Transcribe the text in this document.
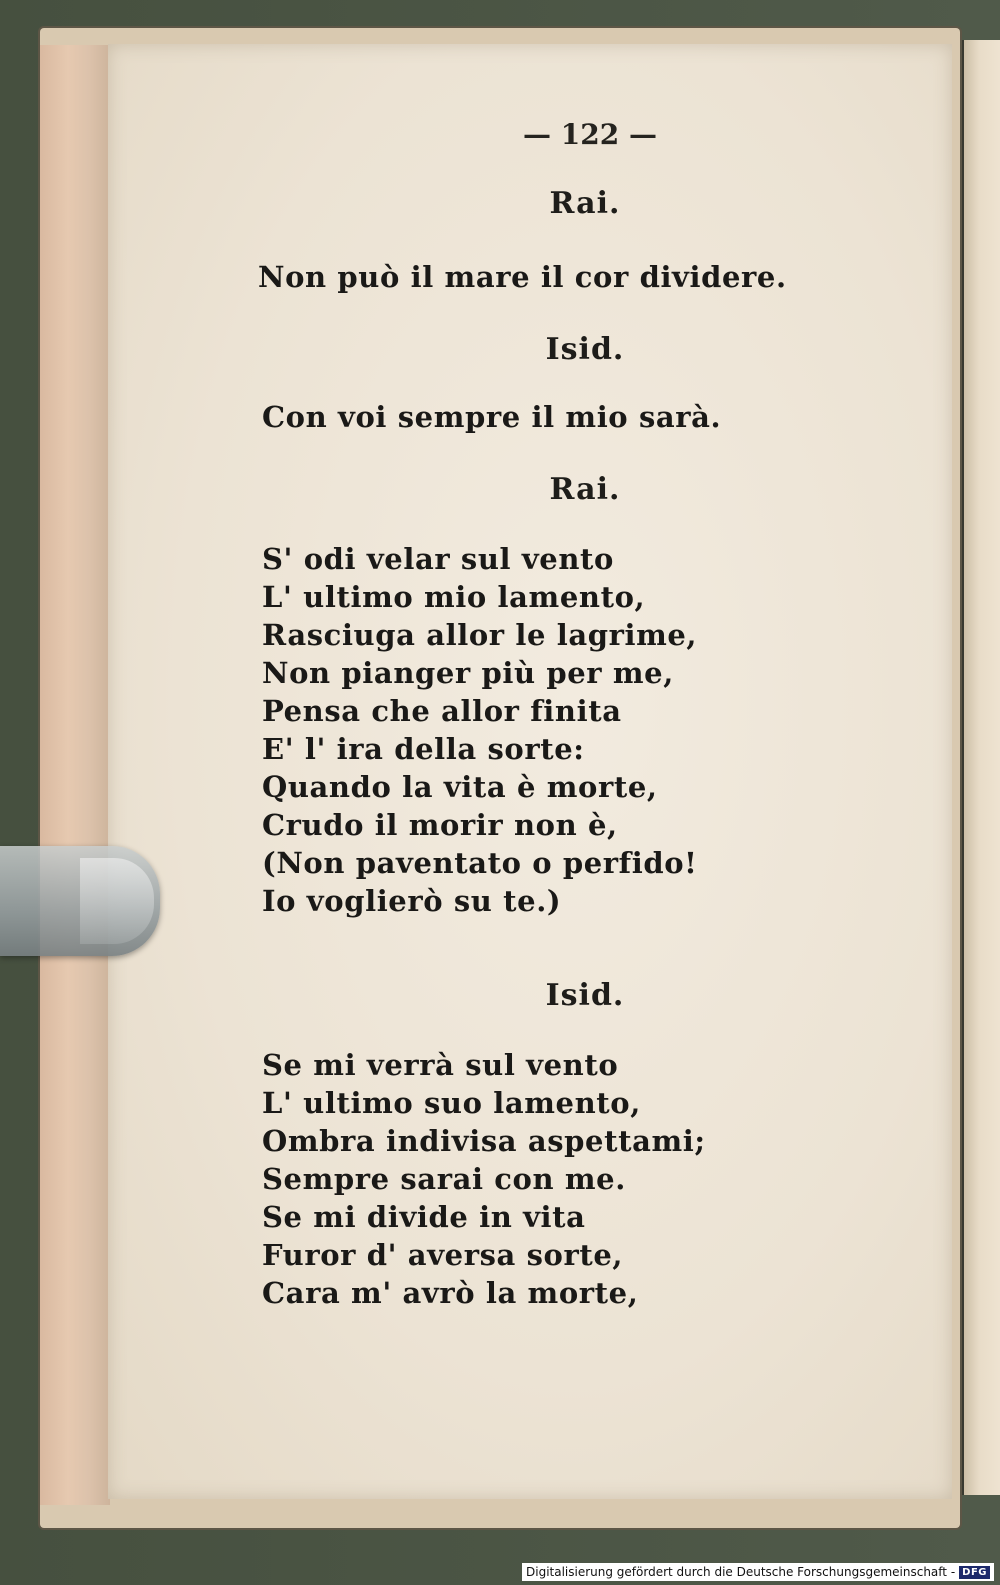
— 122 —
Rai.
Non può il mare il cor dividere.
Isid.
Con voi sempre il mio sarà.
Rai.
S' odi velar sul vento
L' ultimo mio lamento,
Rasciuga allor le lagrime,
Non pianger più per me,
Pensa che allor finita
E' l' ira della sorte:
Quando la vita è morte,
Crudo il morir non è,
(Non paventato o perfido!
Io voglierò su te.)
Isid.
Se mi verrà sul vento
L' ultimo suo lamento,
Ombra indivisa aspettami;
Sempre sarai con me.
Se mi divide in vita
Furor d' aversa sorte,
Cara m' avrò la morte,
Digitalisierung gefördert durch die Deutsche Forschungsgemeinschaft - DFG
